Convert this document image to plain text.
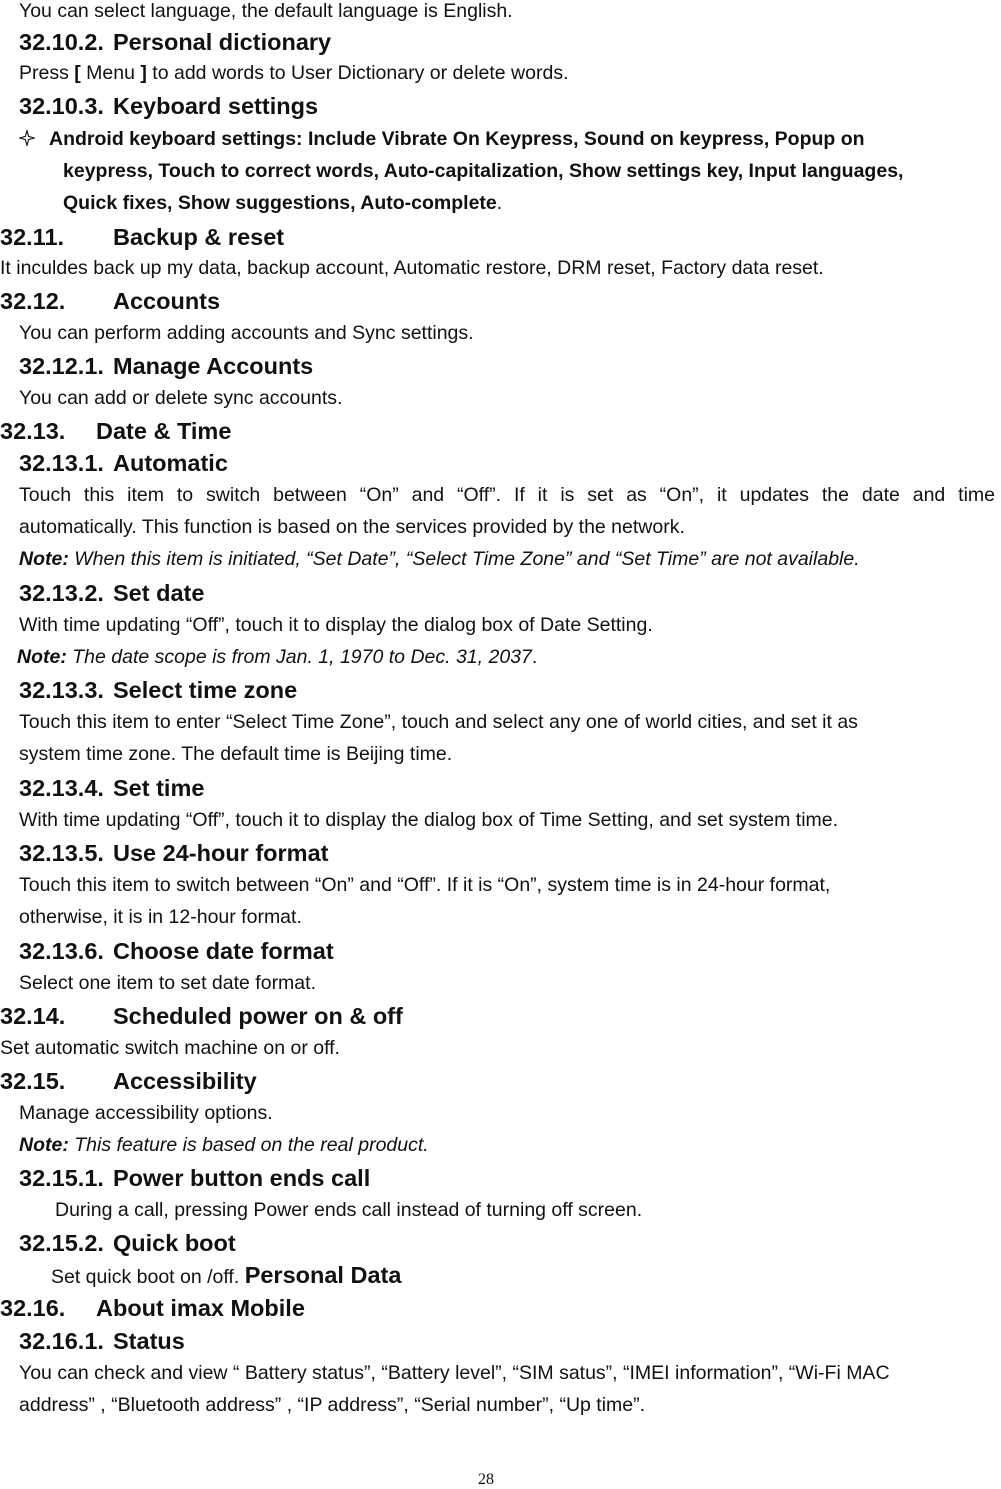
You can select language, the default language is English.
32.10.2. Personal dictionary
Press [ Menu ] to add words to User Dictionary or delete words.
32.10.3. Keyboard settings
Android keyboard settings: Include Vibrate On Keypress, Sound on keypress, Popup on
keypress, Touch to correct words, Auto-capitalization, Show settings key, Input languages,
Quick fixes, Show suggestions, Auto-complete.
32.11. Backup & reset
It inculdes back up my data, backup account, Automatic restore, DRM reset, Factory data reset.
32.12. Accounts
You can perform adding accounts and Sync settings.
32.12.1. Manage Accounts
You can add or delete sync accounts.
32.13. Date & Time
32.13.1. Automatic
Touch this item to switch between “On” and “Off”. If it is set as “On”, it updates the date and time
automatically. This function is based on the services provided by the network.
Note: When this item is initiated, “Set Date”, “Select Time Zone” and “Set Time” are not available.
32.13.2. Set date
With time updating “Off”, touch it to display the dialog box of Date Setting.
Note: The date scope is from Jan. 1, 1970 to Dec. 31, 2037.
32.13.3. Select time zone
Touch this item to enter “Select Time Zone”, touch and select any one of world cities, and set it as
system time zone. The default time is Beijing time.
32.13.4. Set time
With time updating “Off”, touch it to display the dialog box of Time Setting, and set system time.
32.13.5. Use 24-hour format
Touch this item to switch between “On” and “Off”. If it is “On”, system time is in 24-hour format,
otherwise, it is in 12-hour format.
32.13.6. Choose date format
Select one item to set date format.
32.14. Scheduled power on & off
Set automatic switch machine on or off.
32.15. Accessibility
Manage accessibility options.
Note: This feature is based on the real product.
32.15.1. Power button ends call
During a call, pressing Power ends call instead of turning off screen.
32.15.2. Quick boot
Set quick boot on /off. Personal Data
32.16. About imax Mobile
32.16.1. Status
You can check and view “ Battery status”, “Battery level”, “SIM satus”, “IMEI information”, “Wi-Fi MAC
address” , “Bluetooth address” , “IP address”, “Serial number”, “Up time”.
28
